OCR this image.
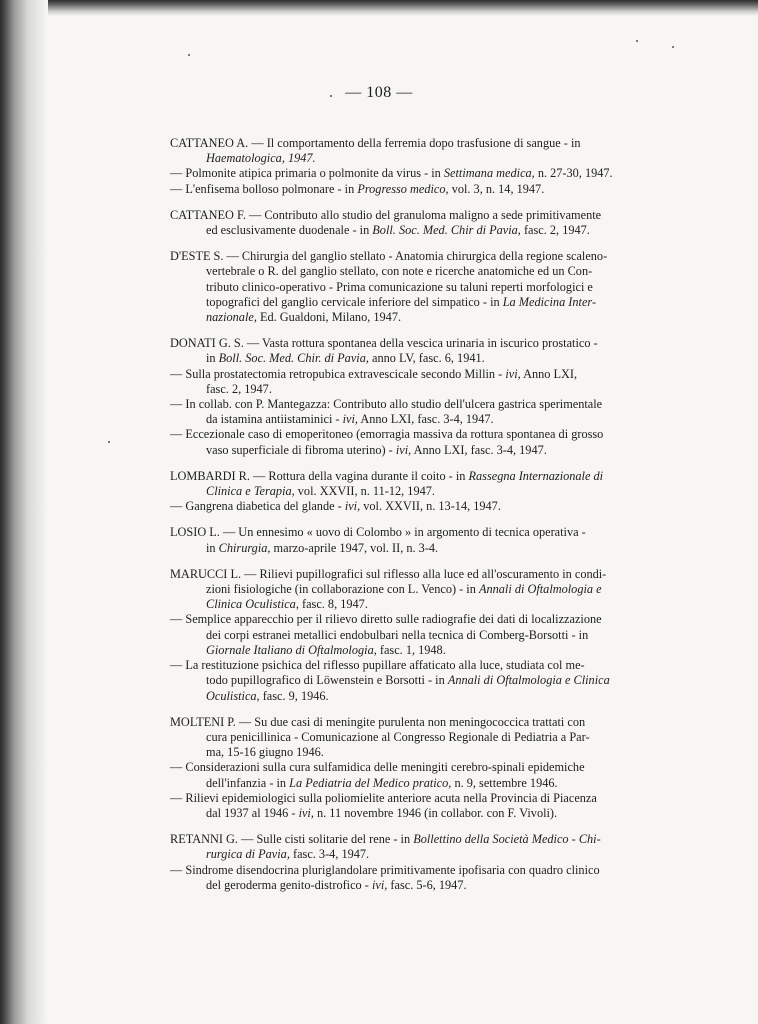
— 108 —
CATTANEO A. — Il comportamento della ferremia dopo trasfusione di sangue - in
Haematologica, 1947.
— Polmonite atipica primaria o polmonite da virus - in Settimana medica, n. 27-30, 1947.
— L'enfisema bolloso polmonare - in Progresso medico, vol. 3, n. 14, 1947.
CATTANEO F. — Contributo allo studio del granuloma maligno a sede primitivamente
ed esclusivamente duodenale - in Boll. Soc. Med. Chir di Pavia, fasc. 2, 1947.
D'ESTE S. — Chirurgia del ganglio stellato - Anatomia chirurgica della regione scaleno-
vertebrale o R. del ganglio stellato, con note e ricerche anatomiche ed un Con-
tributo clinico-operativo - Prima comunicazione su taluni reperti morfologici e
topografici del ganglio cervicale inferiore del simpatico - in La Medicina Inter-
nazionale, Ed. Gualdoni, Milano, 1947.
DONATI G. S. — Vasta rottura spontanea della vescica urinaria in iscurico prostatico -
in Boll. Soc. Med. Chir. di Pavia, anno LV, fasc. 6, 1941.
— Sulla prostatectomia retropubica extravescicale secondo Millin - ivi, Anno LXI,
fasc. 2, 1947.
— In collab. con P. Mantegazza: Contributo allo studio dell'ulcera gastrica sperimentale
da istamina antiistaminici - ivi, Anno LXI, fasc. 3-4, 1947.
— Eccezionale caso di emoperitoneo (emorragia massiva da rottura spontanea di grosso
vaso superficiale di fibroma uterino) - ivi, Anno LXI, fasc. 3-4, 1947.
LOMBARDI R. — Rottura della vagina durante il coito - in Rassegna Internazionale di
Clinica e Terapia, vol. XXVII, n. 11-12, 1947.
— Gangrena diabetica del glande - ivi, vol. XXVII, n. 13-14, 1947.
LOSIO L. — Un ennesimo « uovo di Colombo » in argomento di tecnica operativa -
in Chirurgia, marzo-aprile 1947, vol. II, n. 3-4.
MARUCCI L. — Rilievi pupillografici sul riflesso alla luce ed all'oscuramento in condi-
zioni fisiologiche (in collaborazione con L. Venco) - in Annali di Oftalmologia e
Clinica Oculistica, fasc. 8, 1947.
— Semplice apparecchio per il rilievo diretto sulle radiografie dei dati di localizzazione
dei corpi estranei metallici endobulbari nella tecnica di Comberg-Borsotti - in
Giornale Italiano di Oftalmologia, fasc. 1, 1948.
— La restituzione psichica del riflesso pupillare affaticato alla luce, studiata col me-
todo pupillografico di Löwenstein e Borsotti - in Annali di Oftalmologia e Clinica
Oculistica, fasc. 9, 1946.
MOLTENI P. — Su due casi di meningite purulenta non meningococcica trattati con
cura penicillinica - Comunicazione al Congresso Regionale di Pediatria a Par-
ma, 15-16 giugno 1946.
— Considerazioni sulla cura sulfamidica delle meningiti cerebro-spinali epidemiche
dell'infanzia - in La Pediatria del Medico pratico, n. 9, settembre 1946.
— Rilievi epidemiologici sulla poliomielite anteriore acuta nella Provincia di Piacenza
dal 1937 al 1946 - ivi, n. 11 novembre 1946 (in collabor. con F. Vivoli).
RETANNI G. — Sulle cisti solitarie del rene - in Bollettino della Società Medico - Chi-
rurgica di Pavia, fasc. 3-4, 1947.
— Sindrome disendocrina pluriglandolare primitivamente ipofisaria con quadro clinico
del geroderma genito-distrofico - ivi, fasc. 5-6, 1947.
